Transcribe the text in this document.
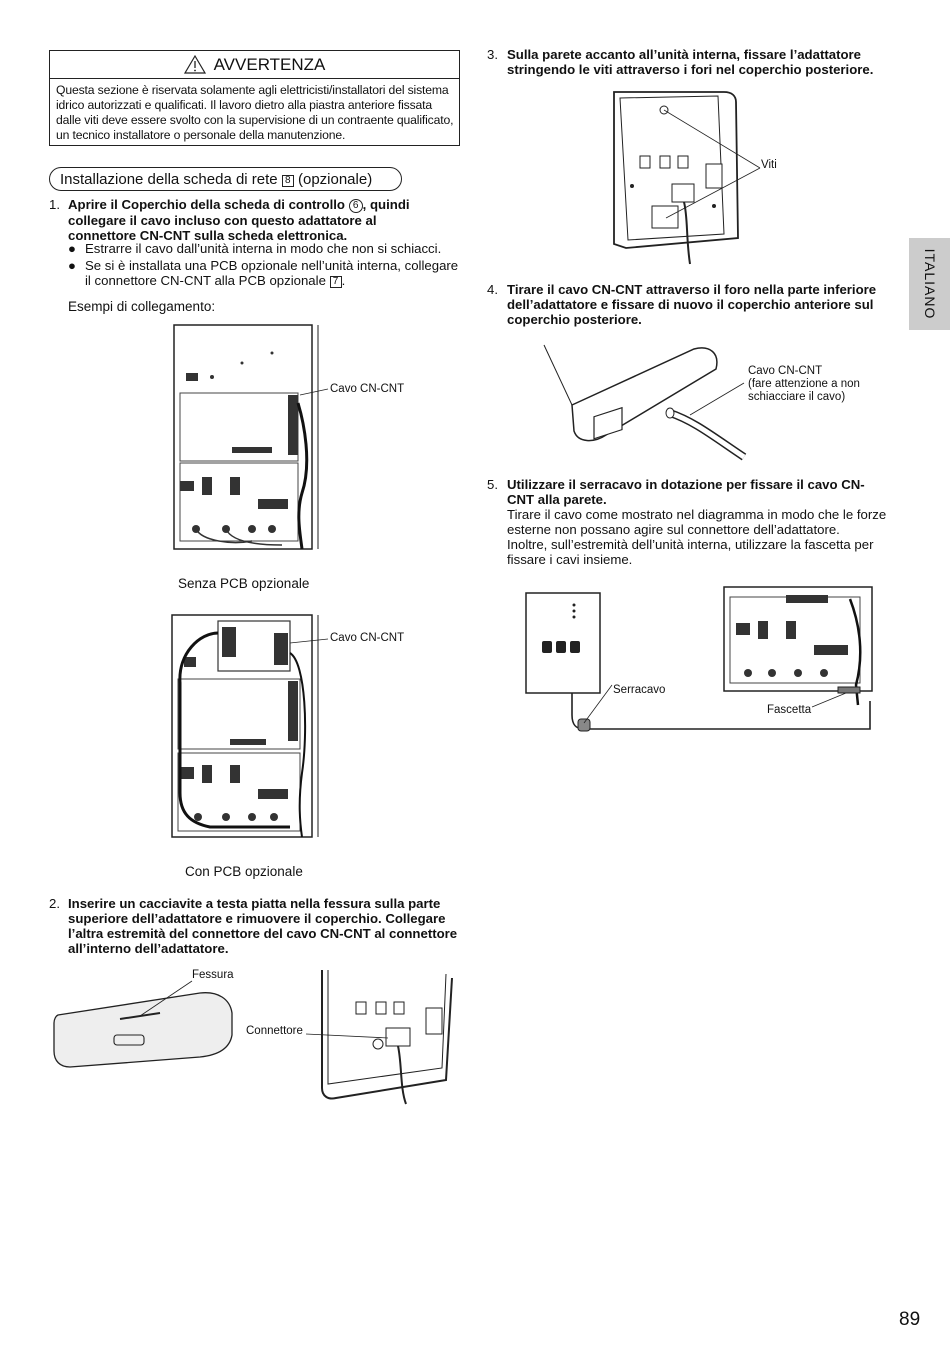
AVVERTENZA
Questa sezione è riservata solamente agli elettricisti/installatori del sistema
idrico autorizzati e qualificati. Il lavoro dietro alla piastra anteriore fissata
dalle viti deve essere svolto con la supervisione di un contraente qualificato,
un tecnico installatore o personale della manutenzione.
Installazione della scheda di rete 8 (opzionale)
1. Aprire il Coperchio della scheda di controllo 6 , quindi
collegare il cavo incluso con questo adattatore al
connettore CN-CNT sulla scheda elettronica.
● Estrarre il cavo dall’unità interna in modo che non si schiacci.
● Se si è installata una PCB opzionale nell’unità interna, collegare
il connettore CN-CNT alla PCB opzionale 7 .
Esempi di collegamento:
Cavo CN-CNT
Senza PCB opzionale
Cavo CN-CNT
Con PCB opzionale
2. Inserire un cacciavite a testa piatta nella fessura sulla parte
superiore dell’adattatore e rimuovere il coperchio. Collegare
l’altra estremità del connettore del cavo CN-CNT al connettore
all’interno dell’adattatore.
Fessura
Connettore
3. Sulla parete accanto all’unità interna, fissare l’adattatore
stringendo le viti attraverso i fori nel coperchio posteriore.
Viti
4. Tirare il cavo CN-CNT attraverso il foro nella parte inferiore
dell’adattatore e fissare di nuovo il coperchio anteriore sul
coperchio posteriore.
Cavo CN-CNT
(fare attenzione a non
schiacciare il cavo)
5. Utilizzare il serracavo in dotazione per fissare il cavo CN-
CNT alla parete.
Tirare il cavo come mostrato nel diagramma in modo che le forze
esterne non possano agire sul connettore dell’adattatore.
Inoltre, sull’estremità dell’unità interna, utilizzare la fascetta per
fissare i cavi insieme.
Serracavo
Fascetta
ITALIANO
89
